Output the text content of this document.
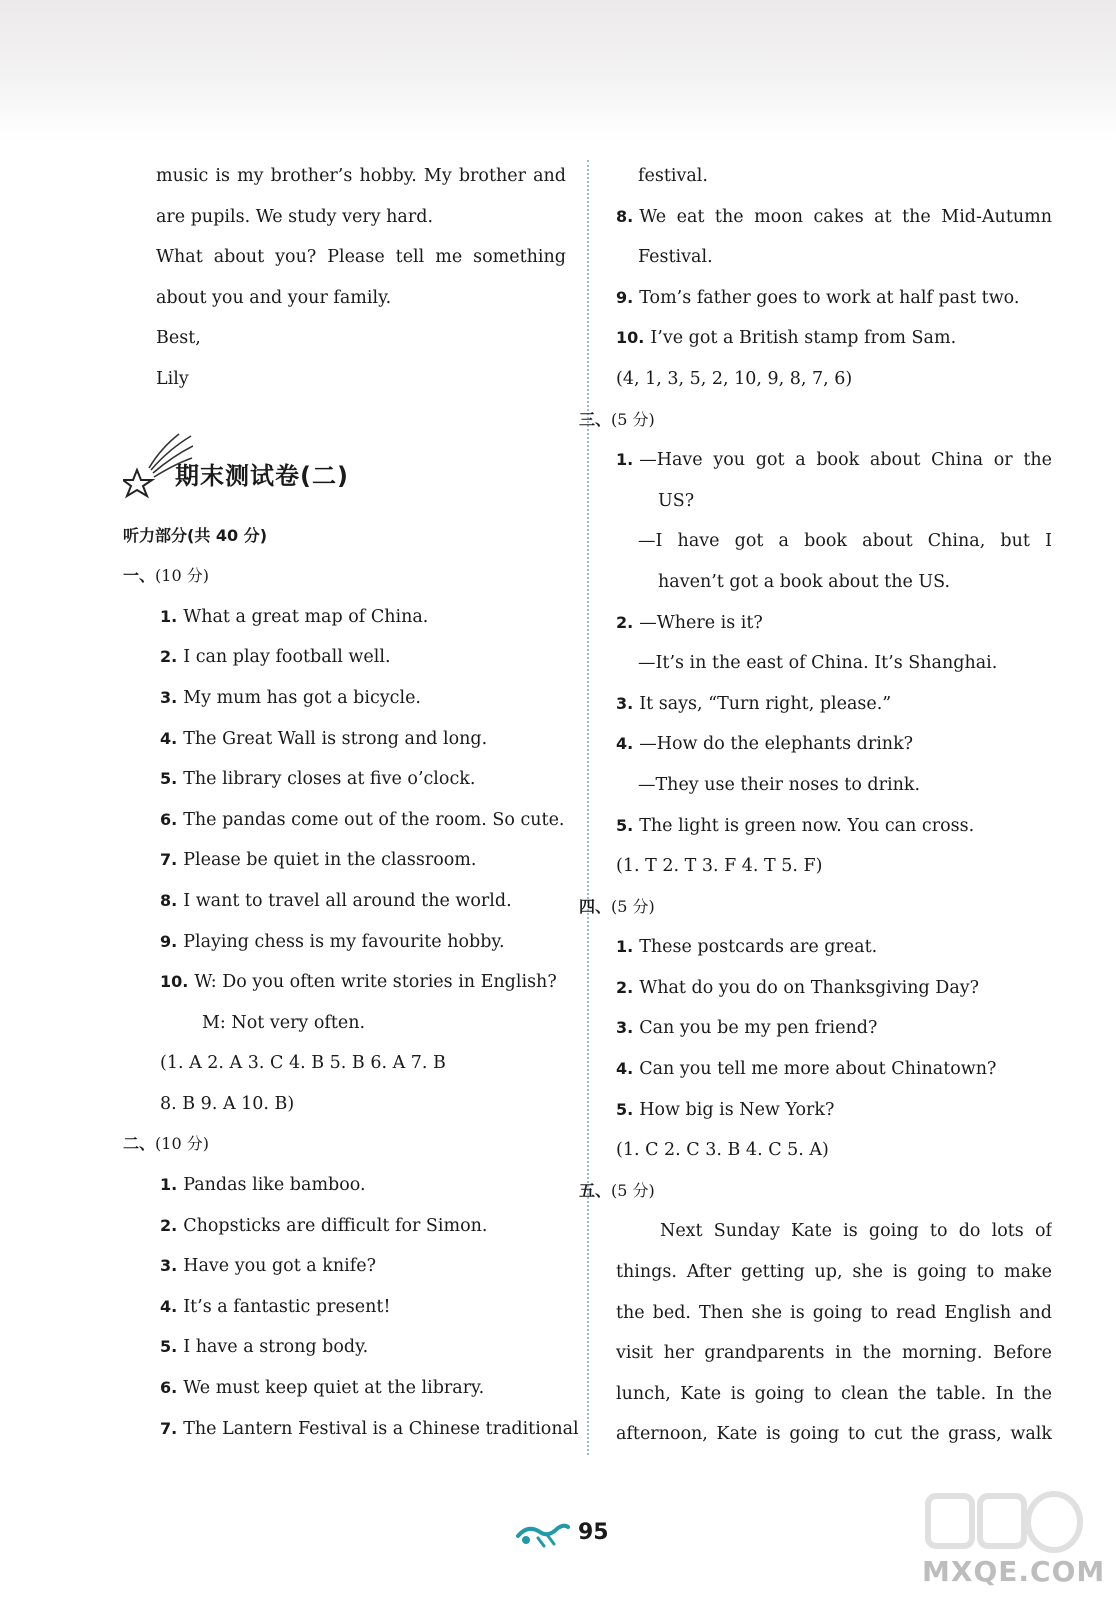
music is my brother’s hobby. My brother and
are pupils. We study very hard.
What about you? Please tell me something
about you and your family.
Best,
Lily
期末测试卷(二)
听力部分(共 40 分)
一、(10 分)
1. What a great map of China.
2. I can play football well.
3. My mum has got a bicycle.
4. The Great Wall is strong and long.
5. The library closes at five o’clock.
6. The pandas come out of the room. So cute.
7. Please be quiet in the classroom.
8. I want to travel all around the world.
9. Playing chess is my favourite hobby.
10. W: Do you often write stories in English?
M: Not very often.
(1. A 2. A 3. C 4. B 5. B 6. A 7. B
8. B 9. A 10. B)
二、(10 分)
1. Pandas like bamboo.
2. Chopsticks are difficult for Simon.
3. Have you got a knife?
4. It’s a fantastic present!
5. I have a strong body.
6. We must keep quiet at the library.
7. The Lantern Festival is a Chinese traditional
festival.
8. We eat the moon cakes at the Mid-Autumn
Festival.
9. Tom’s father goes to work at half past two.
10. I’ve got a British stamp from Sam.
(4, 1, 3, 5, 2, 10, 9, 8, 7, 6)
三、(5 分)
1. —Have you got a book about China or the
US?
—I have got a book about China, but I
haven’t got a book about the US.
2. —Where is it?
—It’s in the east of China. It’s Shanghai.
3. It says, “Turn right, please.”
4. —How do the elephants drink?
—They use their noses to drink.
5. The light is green now. You can cross.
(1. T 2. T 3. F 4. T 5. F)
四、(5 分)
1. These postcards are great.
2. What do you do on Thanksgiving Day?
3. Can you be my pen friend?
4. Can you tell me more about Chinatown?
5. How big is New York?
(1. C 2. C 3. B 4. C 5. A)
五、(5 分)
Next Sunday Kate is going to do lots of
things. After getting up, she is going to make
the bed. Then she is going to read English and
visit her grandparents in the morning. Before
lunch, Kate is going to clean the table. In the
afternoon, Kate is going to cut the grass, walk
95
MXQE.COM
